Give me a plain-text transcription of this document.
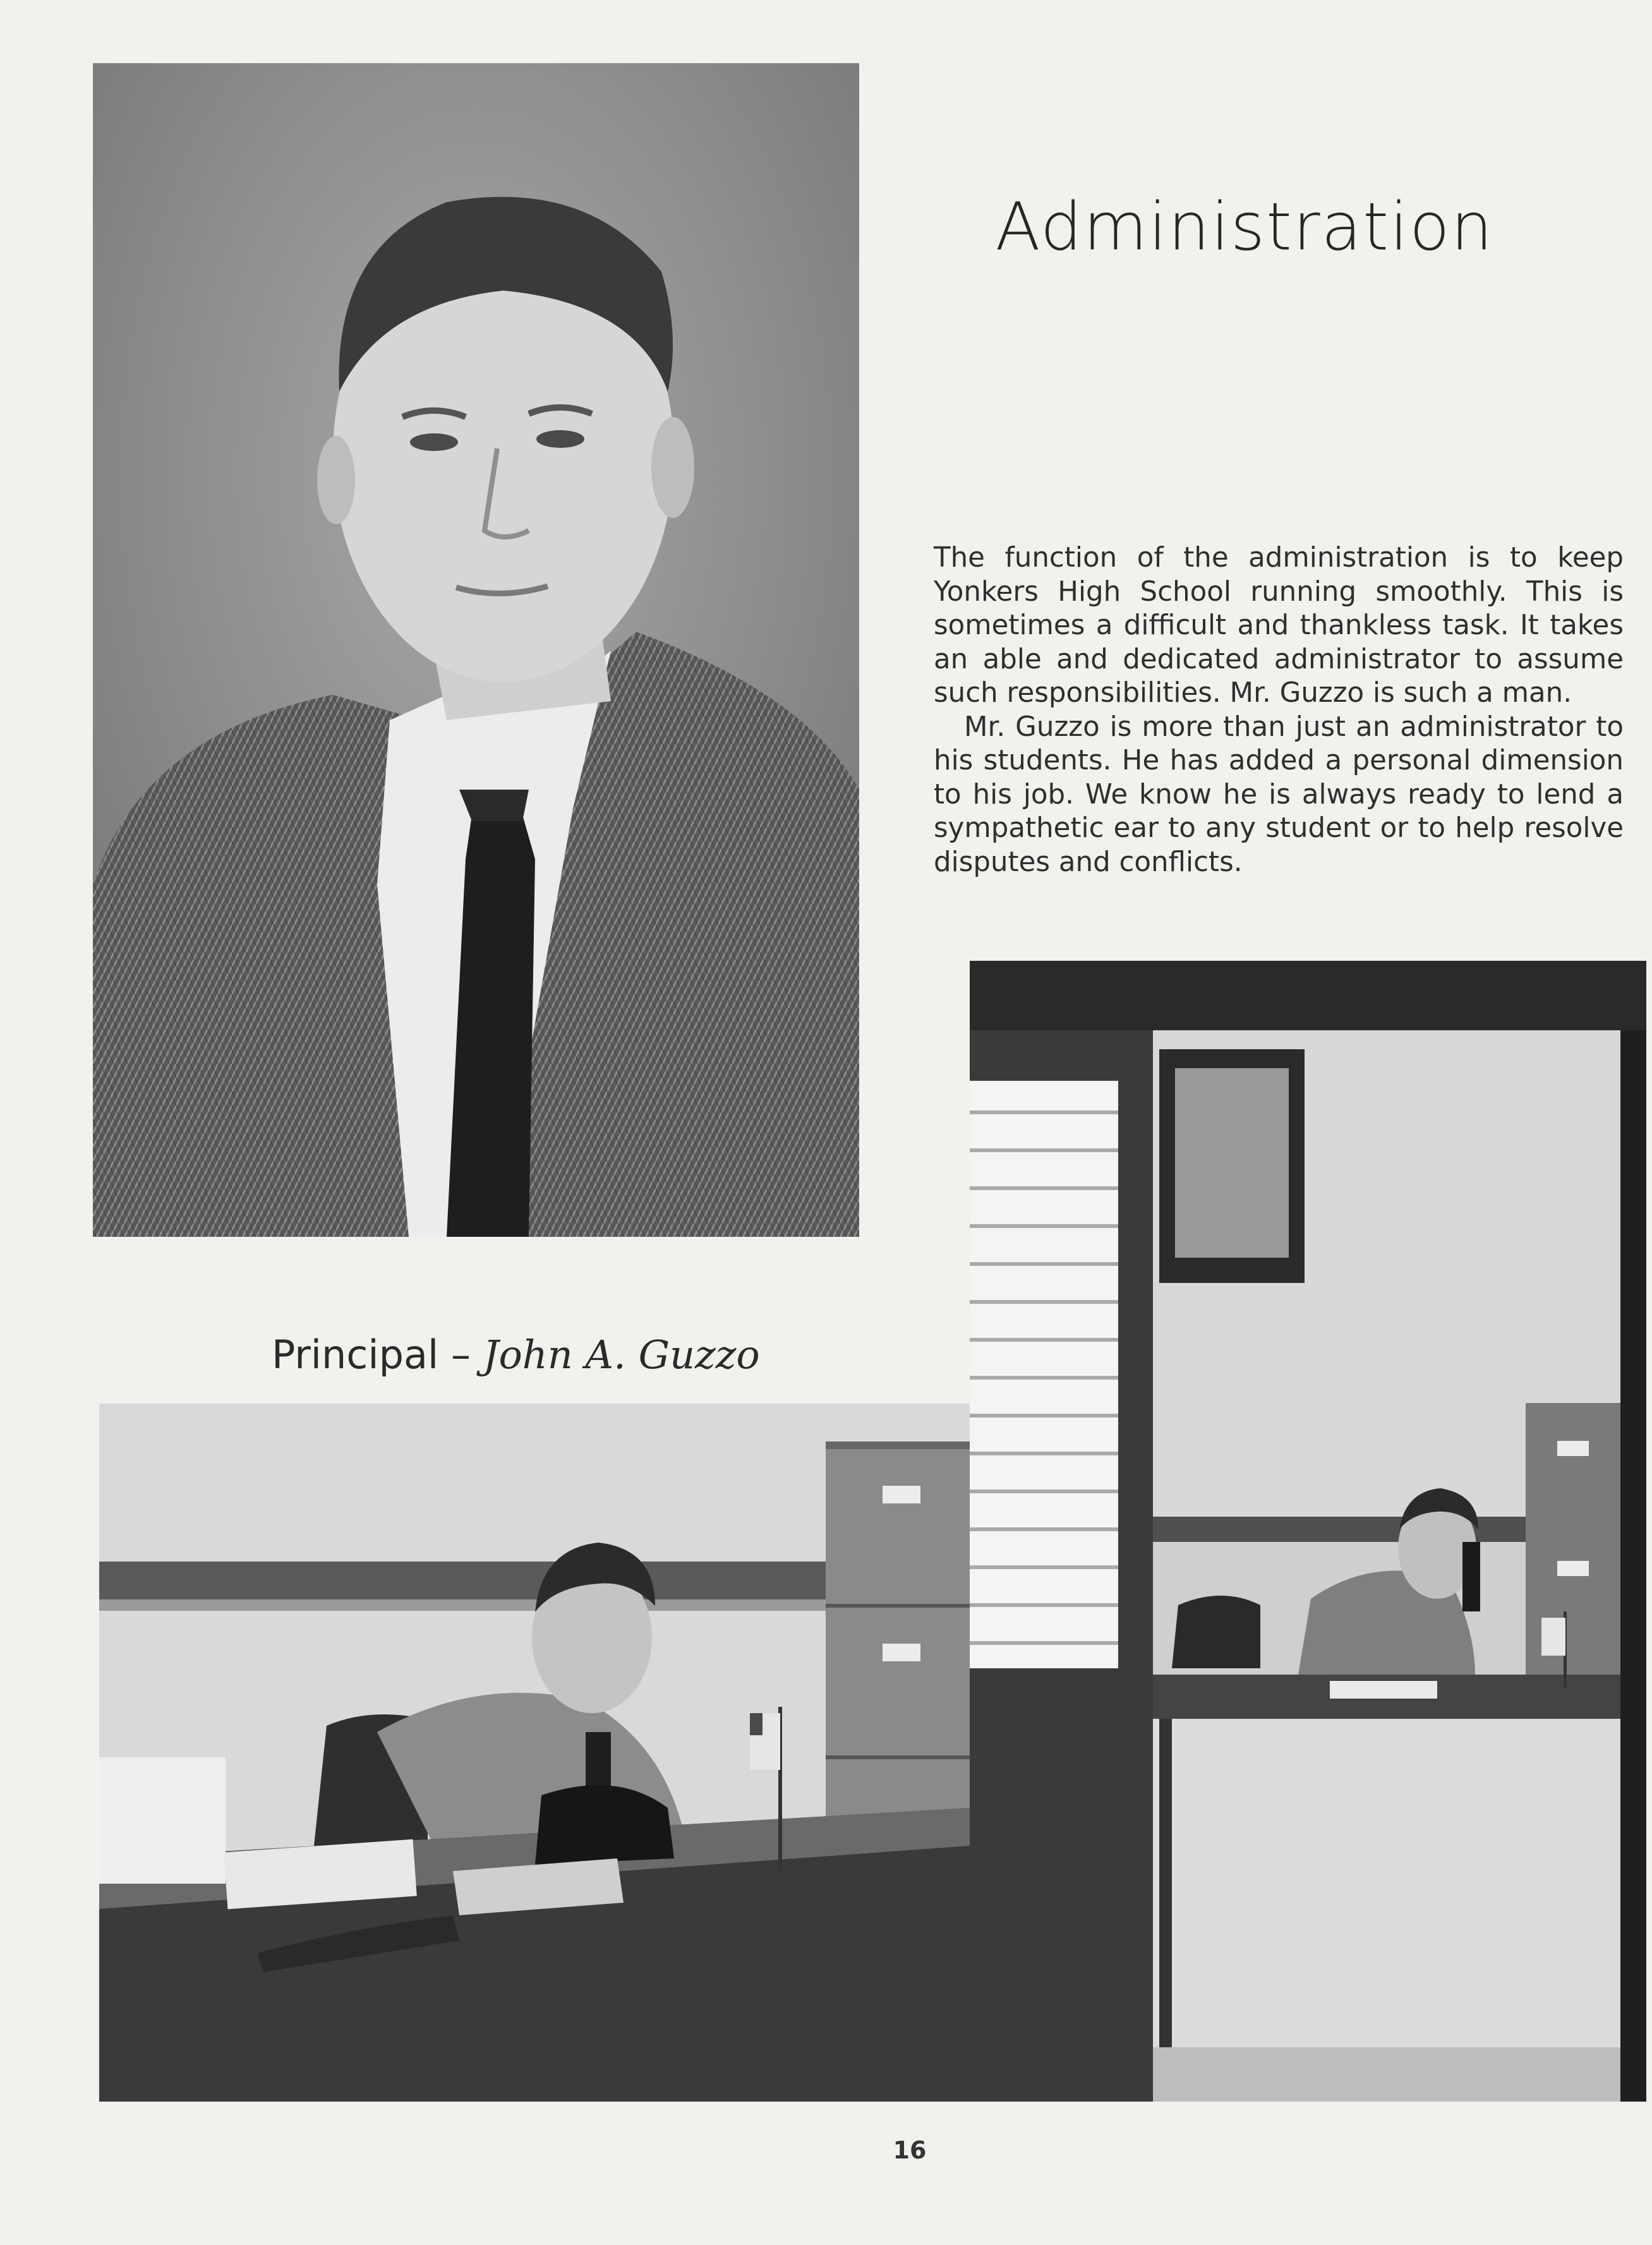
Administration

The function of the administration is to keep Yonkers High School running smoothly. This is sometimes a difficult and thankless task. It takes an able and dedicated administrator to assume such responsibilities. Mr. Guzzo is such a man.

Mr. Guzzo is more than just an administrator to his students. He has added a personal dimension to his job. We know he is always ready to lend a sympathetic ear to any student or to help resolve disputes and conflicts.

Principal – John A. Guzzo
16
